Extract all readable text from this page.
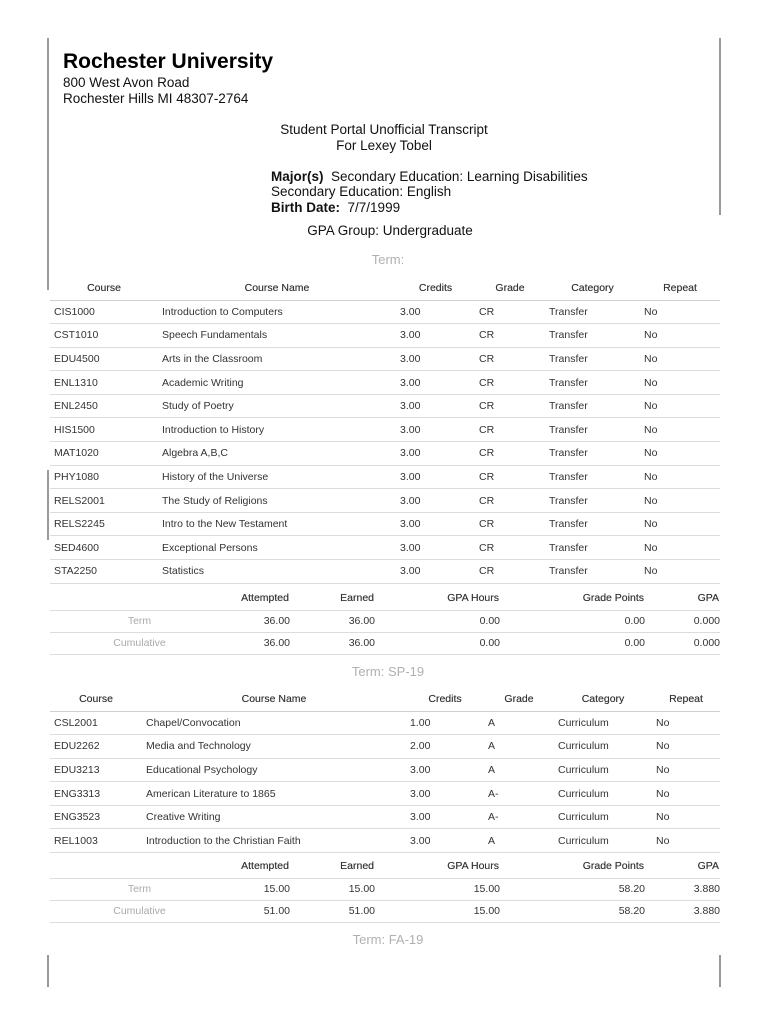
Rochester University
800 West Avon Road
Rochester Hills MI 48307-2764
Student Portal Unofficial Transcript
For Lexey Tobel
Major(s) Secondary Education: Learning Disabilities
Secondary Education: English
Birth Date: 7/7/1999
GPA Group: Undergraduate
Term:
Course	Course Name	Credits	Grade	Category	Repeat
CIS1000	Introduction to Computers	3.00	CR	Transfer	No
CST1010	Speech Fundamentals	3.00	CR	Transfer	No
EDU4500	Arts in the Classroom	3.00	CR	Transfer	No
ENL1310	Academic Writing	3.00	CR	Transfer	No
ENL2450	Study of Poetry	3.00	CR	Transfer	No
HIS1500	Introduction to History	3.00	CR	Transfer	No
MAT1020	Algebra A,B,C	3.00	CR	Transfer	No
PHY1080	History of the Universe	3.00	CR	Transfer	No
RELS2001	The Study of Religions	3.00	CR	Transfer	No
RELS2245	Intro to the New Testament	3.00	CR	Transfer	No
SED4600	Exceptional Persons	3.00	CR	Transfer	No
STA2250	Statistics	3.00	CR	Transfer	No
	Attempted	Earned	GPA Hours	Grade Points	GPA
Term	36.00	36.00	0.00	0.00	0.000
Cumulative	36.00	36.00	0.00	0.00	0.000
Term: SP-19
Course	Course Name	Credits	Grade	Category	Repeat
CSL2001	Chapel/Convocation	1.00	A	Curriculum	No
EDU2262	Media and Technology	2.00	A	Curriculum	No
EDU3213	Educational Psychology	3.00	A	Curriculum	No
ENG3313	American Literature to 1865	3.00	A-	Curriculum	No
ENG3523	Creative Writing	3.00	A-	Curriculum	No
REL1003	Introduction to the Christian Faith	3.00	A	Curriculum	No
	Attempted	Earned	GPA Hours	Grade Points	GPA
Term	15.00	15.00	15.00	58.20	3.880
Cumulative	51.00	51.00	15.00	58.20	3.880
Term: FA-19
